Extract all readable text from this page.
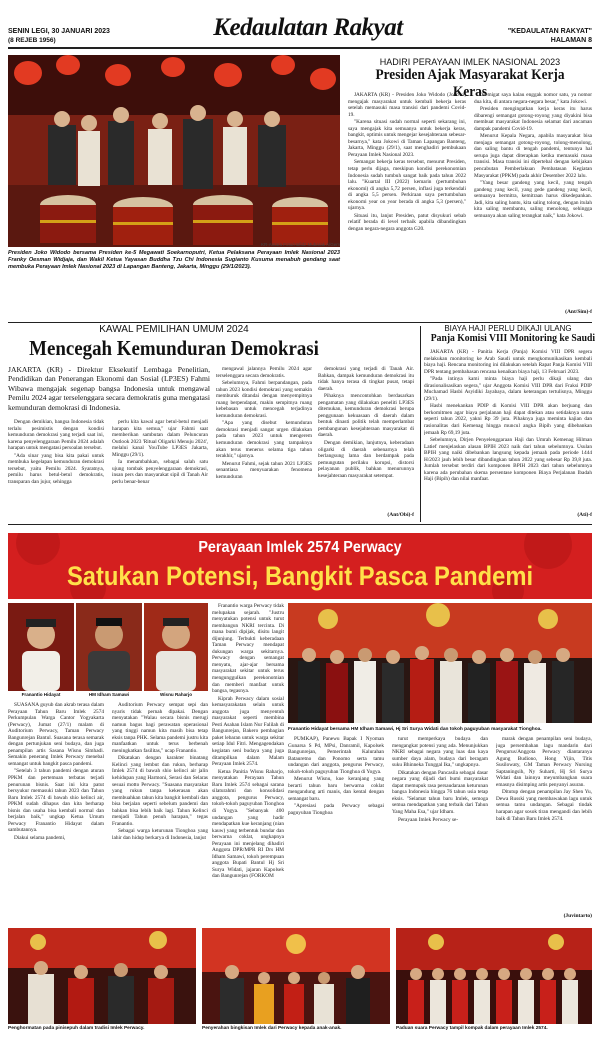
SENIN LEGI, 30 JANUARI 2023
(8 REJEB 1956)	Kedaulatan Rakyat	"KEDAULATAN RAKYAT"
HALAMAN 8
KR-Antara Foto/Hafidz Mubarak A/Gem
Presiden Joko Widodo bersama Presiden ke-5 Megawati Soekarnoputri, Ketua Pelaksana Perayaan Imlek Nasional 2023 Franky Oesman Widjaja, dan Wakil Ketua Yayasan Buddha Tzu Chi Indonesia Sugianto Kusuma menabuh gendang saat membuka Perayaan Imlek Nasional 2023 di Lapangan Banteng, Jakarta, Minggu (29/1/2023).
HADIRI PERAYAAN IMLEK NASIONAL 2023
Presiden Ajak Masyarakat Kerja Keras

JAKARTA (KR) - Presiden Joko Widodo (Jokowi) mengajak masyarakat untuk kembali bekerja keras setelah memasuki masa transisi dari pandemi Covid-19.

"Karena situasi sudah normal seperti sekarang ini, saya mengajak kita semuanya untuk bekerja keras, bangkit, optimis untuk mengejar kesejahteraan sebesar-besarnya," kata Jokowi di Taman Lapangan Banteng, Jakarta, Minggu (29/1), saat menghadiri pembukaan Perayaan Imlek Nasional 2023.

Semangat bekerja keras tersebut, menurut Presiden, tetap perlu dijaga, meskipun kondisi perekonomian Indonesia sudah tumbuh sangat baik pada tahun 2022 lalu. "Kuartal III (2022) kemarin (pertumbuhan ekonomi) di angka 5,72 persen, inflasi juga terkendali di angka 5,5 persen. Perkiraan saya pertumbuhan ekonomi year on year berada di angka 5,3 (persen)," ujarnya.

Situasi itu, lanjut Presiden, patut disyukuri sebab relatif berada di level terbaik apabila dibandingkan dengan negara-negara anggota G20.

"Semigat saya kalau enggak nomor satu, ya nomor dua kita, di antara negara-negara besar," kata Jokowi.

Presiden mengingatkan kerja keras itu harus dibarengi semangat gotong-royong yang diyakini bisa membuat masyarakat Indonesia selamat dari ancaman dampak pandemi Covid-19.

Menurut Kepala Negara, apabila masyarakat bisa menjaga semangat gotong-royong, tolong-menolong, dan saling bantu di tengah pandemi, tentunya hal serupa juga dapat diterapkan ketika memasuki masa transisi. Masa transisi ini dipertebal dengan kebijakan pencabutan Pemberlakuan Pembatasan Kegiatan Masyarakat (PPKM) pada akhir Desember 2022 lalu.

"Yang besar gandeng yang kecil, yang tengah gandeng yang kecil, yang gede gandeng yang kecil, semuanya bermitra, kemitraan harus dikedepankan. Jadi, kita saling bantu, kita saling tolong, dengan itulah kita saling membantu, saling menolong, sehingga semuanya akan saling terangkat naik," kata Jokowi.

(Ant/Sim)-f
KAWAL PEMILIHAN UMUM 2024
Mencegah Kemunduran Demokrasi
JAKARTA (KR) - Direktur Eksekutif Lembaga Penelitian, Pendidikan dan Penerangan Ekonomi dan Sosial (LP3ES) Fahmi Wibawa mengajak segenap bangsa Indonesia untuk mengawal Pemilu 2024 agar terselenggara secara demokratis guna mengatasi kemunduran demokrasi di Indonesia.

Dengan demikian, bangsa Indonesia tidak terlalu pesimistis dengan kondisi kemunduran demokrasi yang terjadi saat ini, karena penyelenggaraan Pemilu 2024 adalah harapan untuk mengatasi persoalan tersebut.

"Ada sinar yang bisa kita pakai untuk membuka kegelapan kemunduran demokrasi tersebut, yaitu Pemilu 2024. Syaratnya, pemilu harus betul-betul demokratis, transparan dan jujur, sehingga

perlu kita kawal agar betul-betul menjadi harapan kita semua," ujar Fahmi saat memberikan sambutan dalam Peluncuran Outlook 2023 'Ritual Oligarki Menuju 2024', melalui kanal YouTube LP3ES Jakarta, Minggu (29/1).

Ia menambahkan, sebagai salah satu ujung tombak penyelenggaraan demokrasi, insan pers dan masyarakat sipil di Tanah Air perlu benar-benar

mengawal jalannya Pemilu 2024 agar terselenggara secara demokratis.

Sebelumnya, Fahmi berpandangan, pada tahun 2023 kondisi demokrasi yang semakin memburuk ditandai dengan menyempitnya ruang berpendapat, makin sempitnya ruang kebebasan untuk mencegah terjadinya kemunduran demokrasi.

"Apa yang disebut kemunduran demokrasi menjadi sangat urgen dilakukan pada tahun 2023 untuk mengerem kemunduran demokrasi yang tampaknya akan terus menerus selama tiga tahun terakhir," ujarnya.

Menurut Fahmi, sejak tahun 2021 LP3ES senantiasa menyuarakan fenomena kemunduran

demokrasi yang terjadi di Tanah Air. Bahkan, dampak kemunduran demokrasi itu tidak hanya terasa di tingkat pusat, tetapi daerah.

Pihaknya mencontohkan berdasarkan pengamatan yang dilakukan peneliti LP3ES ditemukan, kemunduran demokrasi berupa penggunaan kekuasaan di daerah dalam bentuk dinasti politik telah memperlambat pembangunan kesejahteraan masyarakat di daerah.

Dengan demikian, lanjutnya, keberadaan oligarki di daerah sebenarnya telah berlangsung lama dan berdampak pada pemungutan perilaku korupsi, distorsi pelayanan publik, bahkan menurunnya kesejahteraan masyarakat setempat.

(Ant/Obi)-f
BIAYA HAJI PERLU DIKAJI ULANG
Panja Komisi VIII Monitoring ke Saudi

JAKARTA (KR) - Panitia Kerja (Panja) Komisi VIII DPR segera melakukan monitoring ke Arab Saudi untuk mengkomunikasikan kembali biaya haji. Rencana monitoring ini dilakukan setelah Rapat Panja Komisi VIII DPR tentang pembahasan rencana kenaikan biaya haji, 13 Februari 2023.

"Pada intinya kami minta biaya haji perlu dikaji ulang dan dirasionalisasikan segera," ujar Anggota Komisi VIII DPR dari Fraksi PDIP Muchamad Hasbi Asyidiki Jayabaya, dalam keterangan tertulisnya, Minggu (29/1).

Hasbi menekankan PDIP di Komisi VIII DPR akan berjuang dan berkomitmen agar biaya perjalanan haji dapat ditekan atau setidaknya sama seperti tahun 2022, yakni Rp 39 juta. Pihaknya juga meminta kajian dan rasionalitas dari Kemenag hingga muncul angka Bipih yang dibebankan jemaah Rp 69,19 juta.

Sebelumnya, Dirjen Penyelenggaraan Haji dan Umrah Kemenag Hilman Latief menjelaskan alasan BPIH 2023 naik dari tahun sebelumnya. Usulan BPIH yang naiki dibebankan langsung kepada jemaah pada periode 1444 H/2023 jauh lebih besar dibandingkan tahun 2022 yang sebesar Rp 39,8 juta. Jumlah tersebut terdiri dari komponen BPIH 2023 dari tahun sebelumnya karena ada perubahan skema persentase komponen Biaya Perjalanan Ibadah Haji (Bipih) dan nilai manfaat.

(Ati)-f
Perayaan Imlek 2574 Perwacy
Satukan Potensi, Bangkit Pasca Pandemi
Franantio Hidayat	HM Idham Samawi	Wisnu Raharjo
Franantio Hidayat bersama HM Idham Samawi, Hj Sri Surya Widati dan tokoh paguyuban masyarakat Tionghoa.

SUASANA guyub dan akrab terasa dalam Perayaan Tahun Baru Imlek 2574 Perkumpulan Warga Cantor Yogyakarta (Perwacy), Jumat (27/1) malam di Auditorium Perwacy, Taman Perwacy Bangunrejan Bantul. Suasana terasa semarak dengan pertunjukan seni budaya, dan juga penampilan artis Sasana Wisnu Simhadi. Semakin penerang Imlek Perwacy menebal semangat untuk bangkit pasca pandemi.

"Setelah 3 tahun pandemi dengan aturan PPKM dan pertemuan terbatas terjadi penurunan bisnis. Saat ini kita patut bersyukur memasuki tahun 2023 dan Tahun Baru Imlek 2574 di bawah shio kelinci air, PPKM sudah dihapus dan kita berharap bisnis dan usaha bisa kembali normal dan berjalan baik," ungkap Ketua Umum Perwacy Franantio Hidayat dalam sambutannya.

Diakui selama pandemi,

Auditorium Perwacy sempat sepi dan nyaris tidak pernah dipakai. Dengan menyatakan "Walau secara bisnis merugi namun bagus bagi perawatan operasional yang tinggi namun kita masih bisa tetap eksis tanpa PHK. Selama pandemi justru kita manfaatkan untuk terus berbenah meningkatkan fasilitas," ucap Franantio.

Dikatakan dengan karakter binatang Kelinci yang lembut dan rukun, berharap Imlek 2574 di bawah shio kelinci air jalin kehidupan yang Harmoni, Serasi dan Selaras sesuai motto Perwacy. "Suasana masyarakat yang rukun tanpa kekerasan akan membuahkan tahun kita bangkit kembali dan bisa berjalan seperti sebelum pandemi dan bahkan bisa lebih baik lagi. Tahun Kelinci menjadi Tahun penuh harapan," tegas Franantio.

Sebagai warga keturunan Tionghoa yang lahir dan hidup berkarya di Indonesia, lanjut

Franantio warga Perwacy tidak melupakan sejarah. "Justru menyatukan potensi untuk turut membangun NKRI tercinta. Di mana bumi dipijak, disitu langit dijunjung. Terbukti keberadaan Taman Perwacy mendapat dukungan warga sekitarnya. Perwacy dengan semangat menyatu, ajar-ajar bersama masyarakat sekitar untuk terus mengunggulkan perekonomian dan memberi manfaat untuk bangsa, tegasnya.

Kiprah Perwacy dalam sosial kemasyarakatan selain untuk anggota juga menyentuh masyarakat seperti membina Pesti Asahan Islam Nur Falilah di Bangunrejan, Bakero pembagian paket lebaran untuk warga sekitar setiap Idul Fitri. Mengagendakan kegiatan seni budaya yang juga ditampilkan dalam Malam Perayaan Imlek 2574.

Ketua Panitia Wisnu Raharjo, menyatakan Perayaan Tahun Baru Imlek 2574 sebagai sarana silaturahmi dan konsolidasi anggota, pengurus Perwacy, tokoh-tokoh paguyuban Tionghoa di Yogya. "Sebanyak 400 undangan yang hadir mendapatkan kue keranjang (nian kauw) yang terbentuk bundar dan berwarna coklat, ungkapnya Perayaan ini menjelang dihadiri Anggota DPR/MPR RI Drs HM Idham Samawi, tokoh perempuan anggota Bupati Bantul Hj Sri Surya Widati, jajaran Kapolsek dan Bangunrejan (FORKOM

PUMKAP), Panewu Bapak I Nyoman Gunarsa S Pd, MPsi, Danramil, Kapolsek Bangunrejan, Pemerintah Kalurahan Batauretno dan Ponomo serta tamu undangan dari anggota, pengurus Perwacy, tokoh-tokoh paguyuban Tionghoa di Yogya.

Menurut Wisnu, kue keranjang yang berarti tahun baru berwarna coklat mengandung arti manis, dan kental dengan semangat baru.

"Apresiasi pada Perwacy sebagai paguyuban Tionghoa

turut memperkaya budaya dan mengangkat potensi yang ada. Menunjukkan NKRI sebagai negara yang luas dan kaya sumber daya alam, budaya dari beragam suku Bhinneka Tunggal Ika," ungkapnya.

Dikatakan dengan Pancasila sebagai dasar negara yang dijadi dari bumi masyarakat dapat memupuk rasa persaudaraan keturunan bangsa Indonesia hingga 76 tahun usia tetap eksis. "Selamat tahun baru Imlek, semoga semua mendapatkan yang terbaik dari Tahun Yang Maha Esa," ujar Idham.

Perayaan Imlek Perwacy se-

marak dengan penampilan seni budaya, juga persembahan lagu mandarin dari Pengurus/Anggota Perwacy diantaranya Agung Budiono, Hong Yijin, Titis Susilowaty, GM Taman Perwacy Nursing Saptaningsih, Ny Suharti, Hj Sri Surya Widati dan lainnya meyumbangkan suara emasnya disimping artis penyanyi asuran.

Ditutup dengan penampilan Jay Shen Yu, Dewa Russki yang membawakan lagu untuk semua tamu undangan. Sebagai tindak harapan agar sosok tiran mengandi dan lebih baik di Tahun Baru Imlek 2574.

(Juvintarto)
Penghormatan pada pinisepuh dalam tradisi Imlek Perwacy.	Penyerahan bingkisan Imlek dari Perwacy kepada anak-anak.	Paduan suara Perwacy tampil kompak dalam perayaan Imlek 2574.
